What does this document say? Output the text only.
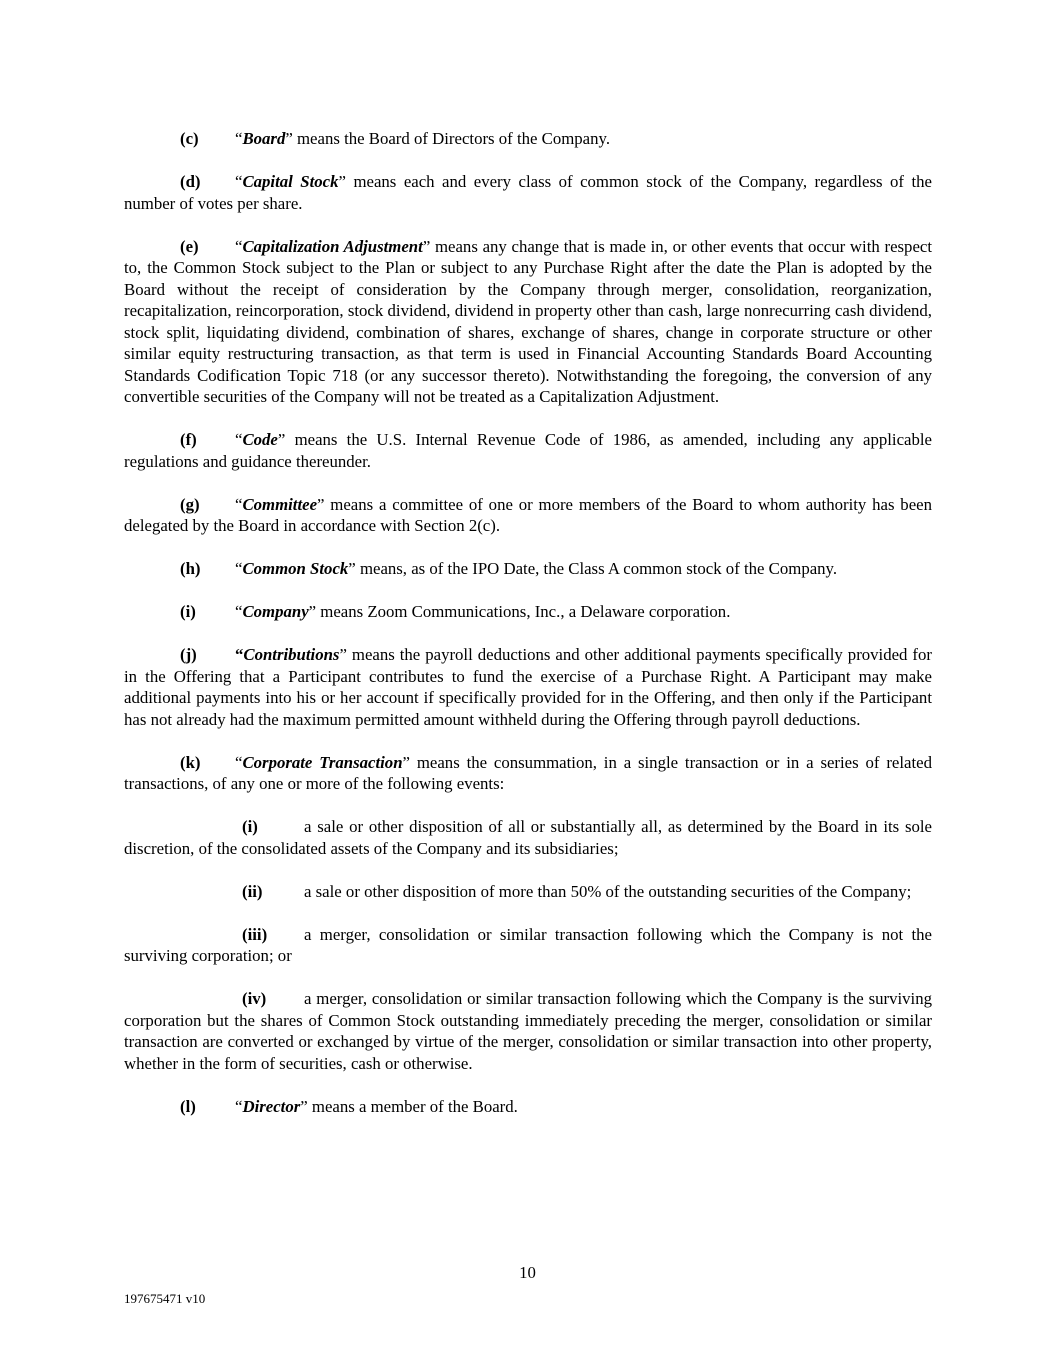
(c) “Board” means the Board of Directors of the Company.

(d) “Capital Stock” means each and every class of common stock of the Company, regardless of the number of votes per share.

(e) “Capitalization Adjustment” means any change that is made in, or other events that occur with respect to, the Common Stock subject to the Plan or subject to any Purchase Right after the date the Plan is adopted by the Board without the receipt of consideration by the Company through merger, consolidation, reorganization, recapitalization, reincorporation, stock dividend, dividend in property other than cash, large nonrecurring cash dividend, stock split, liquidating dividend, combination of shares, exchange of shares, change in corporate structure or other similar equity restructuring transaction, as that term is used in Financial Accounting Standards Board Accounting Standards Codification Topic 718 (or any successor thereto). Notwithstanding the foregoing, the conversion of any convertible securities of the Company will not be treated as a Capitalization Adjustment.

(f) “Code” means the U.S. Internal Revenue Code of 1986, as amended, including any applicable regulations and guidance thereunder.

(g) “Committee” means a committee of one or more members of the Board to whom authority has been delegated by the Board in accordance with Section 2(c).

(h) “Common Stock” means, as of the IPO Date, the Class A common stock of the Company.

(i) “Company” means Zoom Communications, Inc., a Delaware corporation.

(j) “Contributions” means the payroll deductions and other additional payments specifically provided for in the Offering that a Participant contributes to fund the exercise of a Purchase Right. A Participant may make additional payments into his or her account if specifically provided for in the Offering, and then only if the Participant has not already had the maximum permitted amount withheld during the Offering through payroll deductions.

(k) “Corporate Transaction” means the consummation, in a single transaction or in a series of related transactions, of any one or more of the following events:

(i)	a sale or other disposition of all or substantially all, as determined by the Board in its sole discretion, of the consolidated assets of the Company and its subsidiaries;

(ii) a sale or other disposition of more than 50% of the outstanding securities of the Company;

(iii) a merger, consolidation or similar transaction following which the Company is not the surviving corporation; or

(iv) a merger, consolidation or similar transaction following which the Company is the surviving corporation but the shares of Common Stock outstanding immediately preceding the merger, consolidation or similar transaction are converted or exchanged by virtue of the merger, consolidation or similar transaction into other property, whether in the form of securities, cash or otherwise.

(l) “Director” means a member of the Board.

10
197675471 v10
